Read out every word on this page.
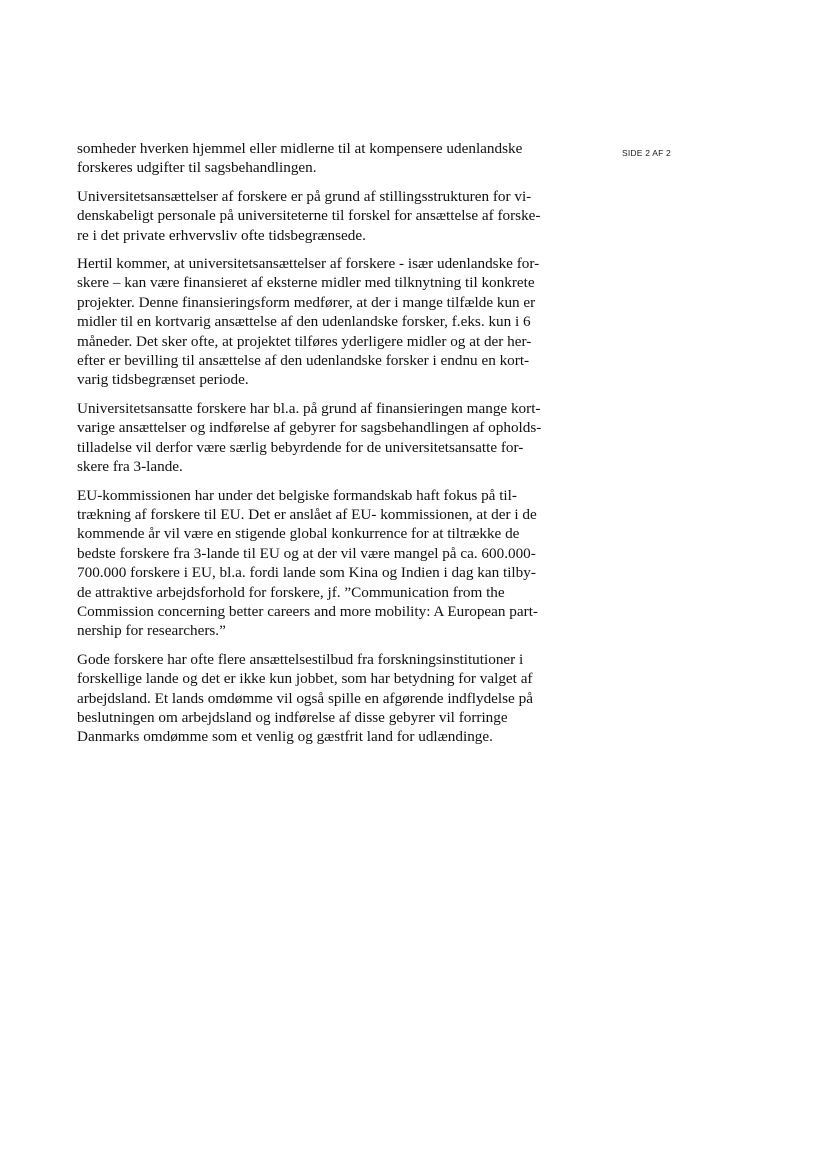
SIDE 2 AF 2

somheder hverken hjemmel eller midlerne til at kompensere udenlandske
forskeres udgifter til sagsbehandlingen.

Universitetsansættelser af forskere er på grund af stillingsstrukturen for vi-
denskabeligt personale på universiteterne til forskel for ansættelse af forske-
re i det private erhvervsliv ofte tidsbegrænsede.

Hertil kommer, at universitetsansættelser af forskere - især udenlandske for-
skere – kan være finansieret af eksterne midler med tilknytning til konkrete
projekter. Denne finansieringsform medfører, at der i mange tilfælde kun er
midler til en kortvarig ansættelse af den udenlandske forsker, f.eks. kun i 6
måneder. Det sker ofte, at projektet tilføres yderligere midler og at der her-
efter er bevilling til ansættelse af den udenlandske forsker i endnu en kort-
varig tidsbegrænset periode.

Universitetsansatte forskere har bl.a. på grund af finansieringen mange kort-
varige ansættelser og indførelse af gebyrer for sagsbehandlingen af opholds-
tilladelse vil derfor være særlig bebyrdende for de universitetsansatte for-
skere fra 3-lande.

EU-kommissionen har under det belgiske formandskab haft fokus på til-
trækning af forskere til EU. Det er anslået af EU- kommissionen, at der i de
kommende år vil være en stigende global konkurrence for at tiltrække de
bedste forskere fra 3-lande til EU og at der vil være mangel på ca. 600.000-
700.000 forskere i EU, bl.a. fordi lande som Kina og Indien i dag kan tilby-
de attraktive arbejdsforhold for forskere, jf. ”Communication from the
Commission concerning better careers and more mobility: A European part-
nership for researchers.”

Gode forskere har ofte flere ansættelsestilbud fra forskningsinstitutioner i
forskellige lande og det er ikke kun jobbet, som har betydning for valget af
arbejdsland. Et lands omdømme vil også spille en afgørende indflydelse på
beslutningen om arbejdsland og indførelse af disse gebyrer vil forringe
Danmarks omdømme som et venlig og gæstfrit land for udlændinge.
